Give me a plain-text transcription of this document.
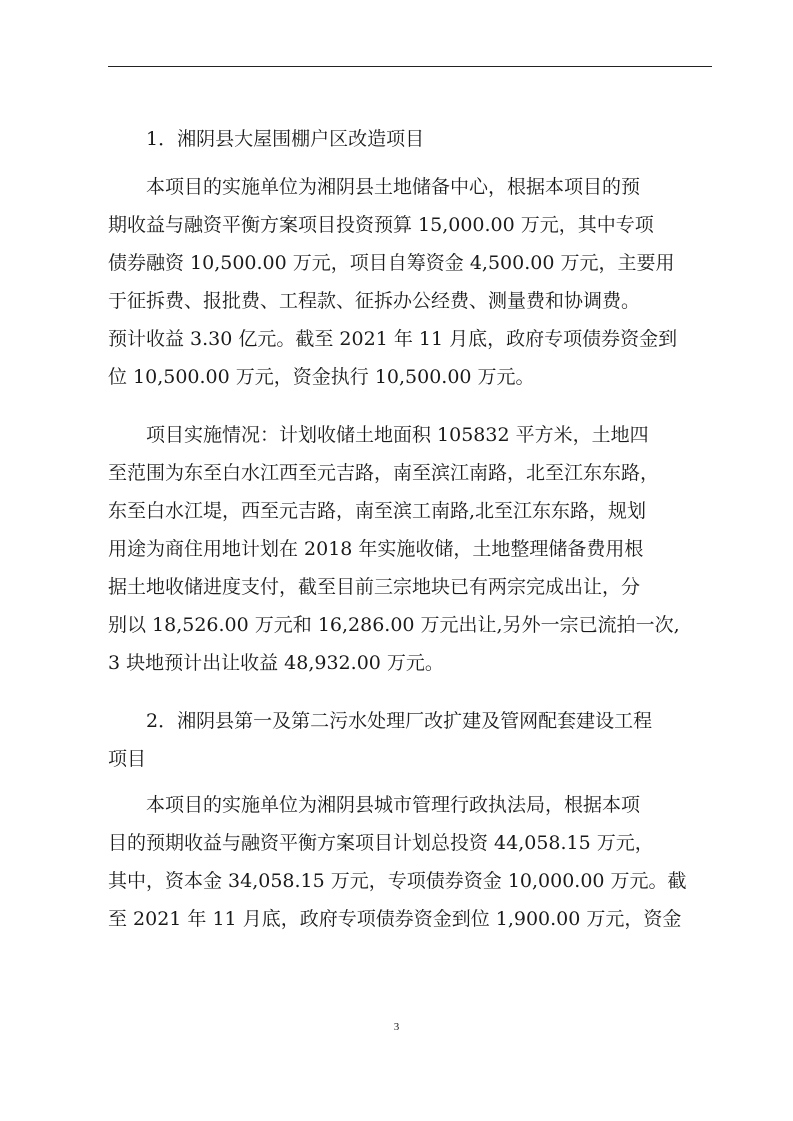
1．湘阴县大屋围棚户区改造项目
本项目的实施单位为湘阴县土地储备中心，根据本项目的预
期收益与融资平衡方案项目投资预算 15,000.00 万元，其中专项
债券融资 10,500.00 万元，项目自筹资金 4,500.00 万元，主要用
于征拆费、报批费、工程款、征拆办公经费、测量费和协调费。
预计收益 3.30 亿元。截至 2021 年 11 月底，政府专项债券资金到
位 10,500.00 万元，资金执行 10,500.00 万元。
项目实施情况：计划收储土地面积 105832 平方米，土地四
至范围为东至白水江西至元吉路，南至滨江南路，北至江东东路，
东至白水江堤，西至元吉路，南至滨工南路,北至江东东路，规划
用途为商住用地计划在 2018 年实施收储，土地整理储备费用根
据土地收储进度支付，截至目前三宗地块已有两宗完成出让，分
别以 18,526.00 万元和 16,286.00 万元出让,另外一宗已流拍一次,
3 块地预计出让收益 48,932.00 万元。
2．湘阴县第一及第二污水处理厂改扩建及管网配套建设工程
项目
本项目的实施单位为湘阴县城市管理行政执法局，根据本项
目的预期收益与融资平衡方案项目计划总投资 44,058.15 万元，
其中，资本金 34,058.15 万元，专项债券资金 10,000.00 万元。截
至 2021 年 11 月底，政府专项债券资金到位 1,900.00 万元，资金
3
